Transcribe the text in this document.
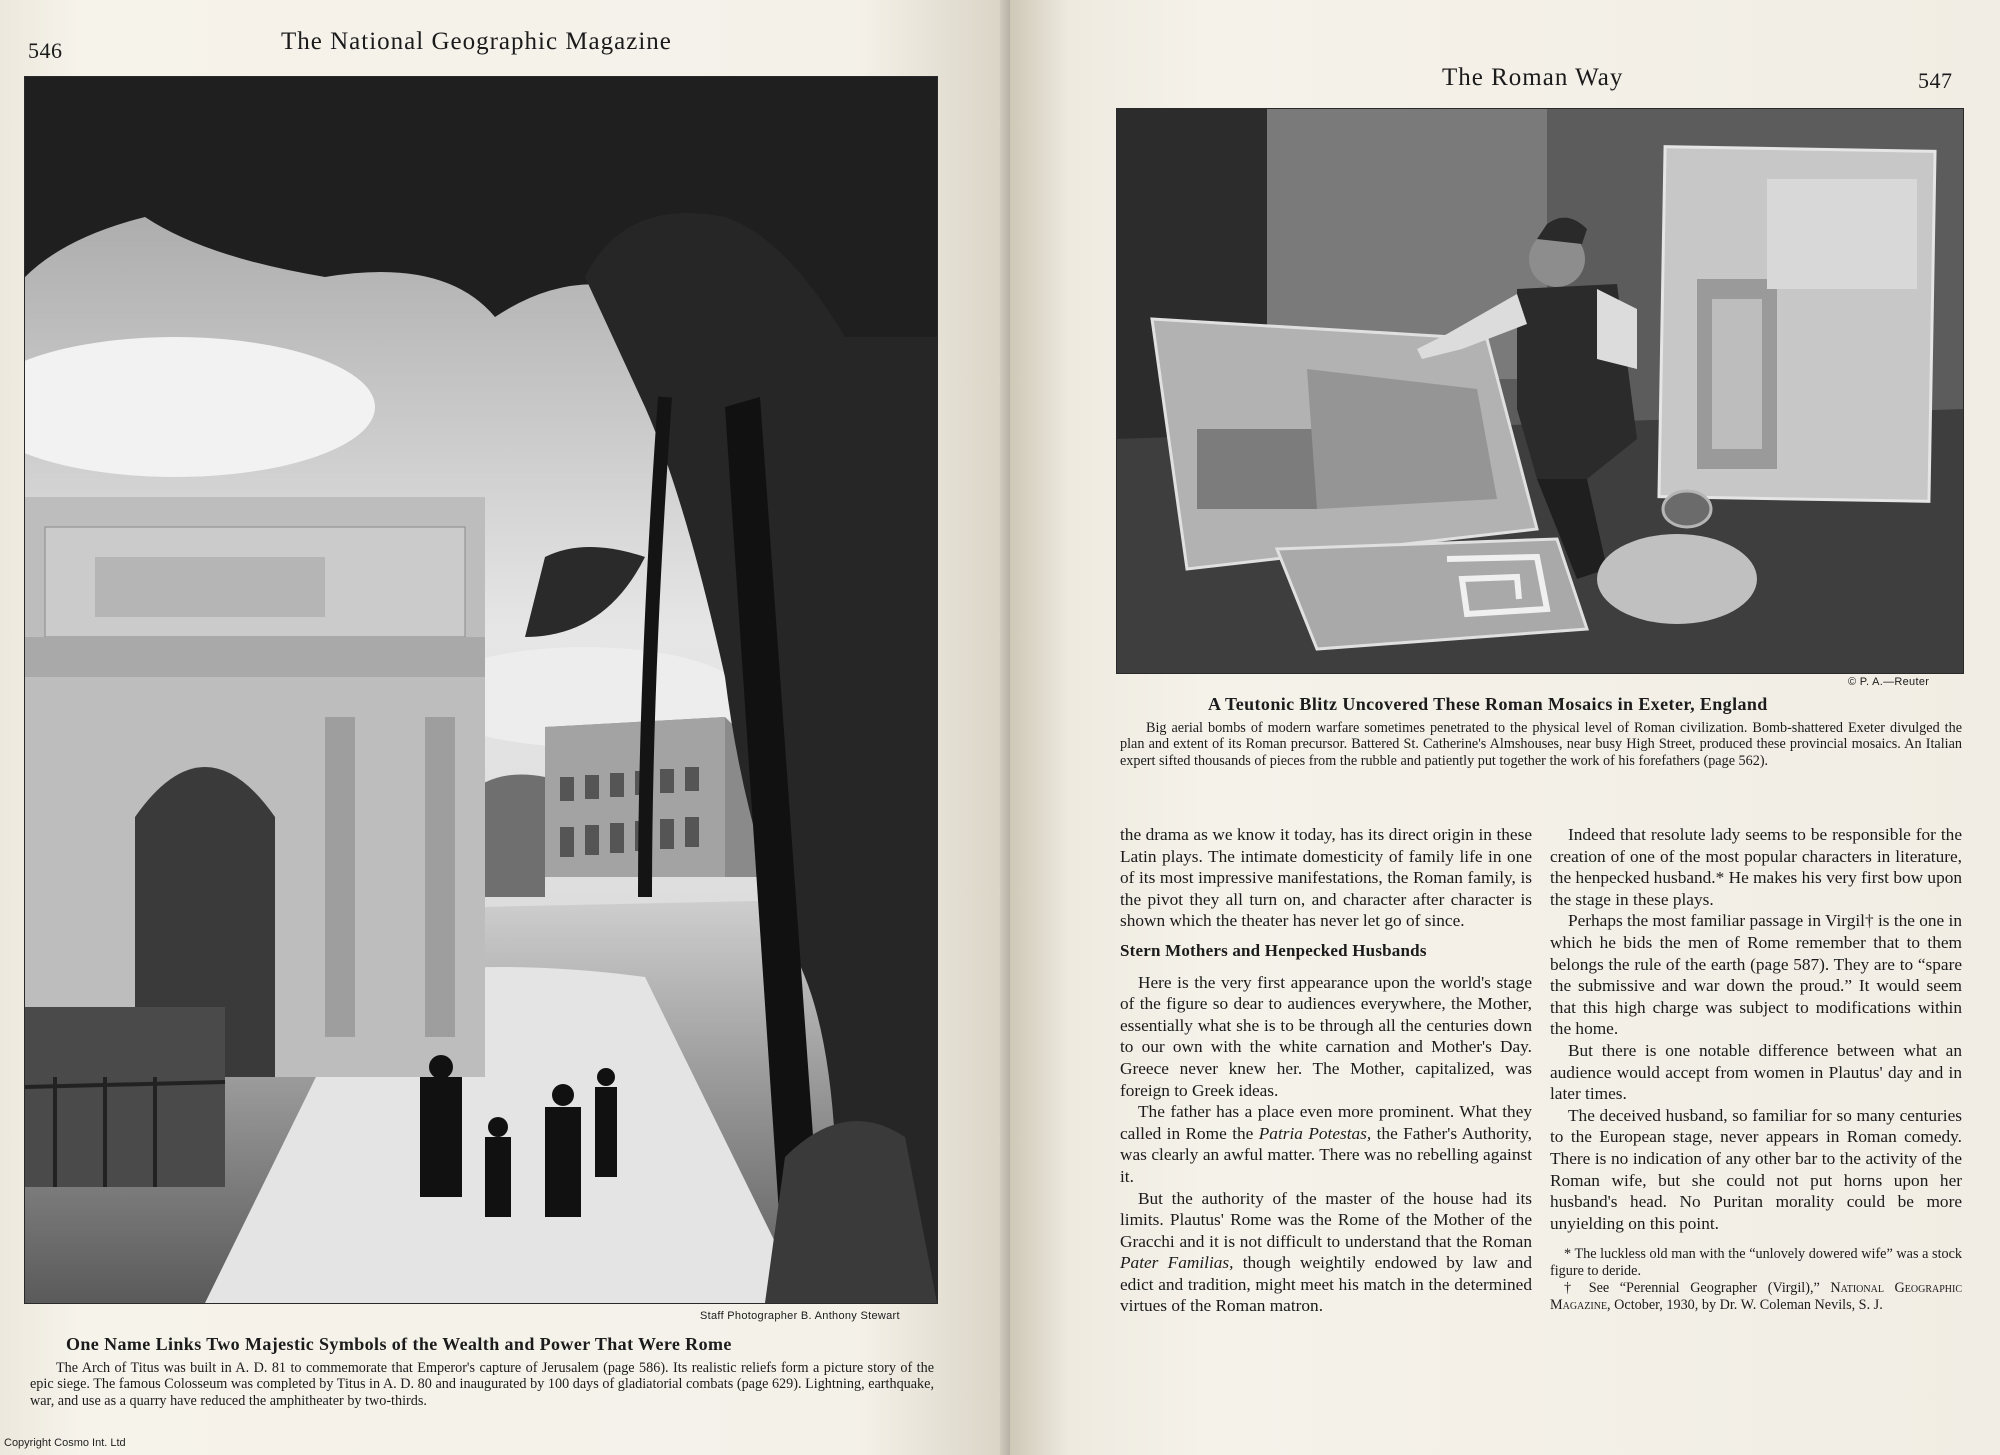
546	The National Geographic Magazine
Staff Photographer B. Anthony Stewart
One Name Links Two Majestic Symbols of the Wealth and Power That Were Rome
The Arch of Titus was built in A. D. 81 to commemorate that Emperor's capture of Jerusalem (page 586). Its realistic reliefs form a picture story of the epic siege. The famous Colosseum was completed by Titus in A. D. 80 and inaugurated by 100 days of gladiatorial combats (page 629). Lightning, earthquake, war, and use as a quarry have reduced the amphitheater by two-thirds.
The Roman Way	547
© P. A.—Reuter
A Teutonic Blitz Uncovered These Roman Mosaics in Exeter, England
Big aerial bombs of modern warfare sometimes penetrated to the physical level of Roman civilization. Bomb-shattered Exeter divulged the plan and extent of its Roman precursor. Battered St. Catherine's Almshouses, near busy High Street, produced these provincial mosaics. An Italian expert sifted thousands of pieces from the rubble and patiently put together the work of his forefathers (page 562).

the drama as we know it today, has its direct origin in these Latin plays. The intimate domesticity of family life in one of its most impressive manifestations, the Roman family, is the pivot they all turn on, and character after character is shown which the theater has never let go of since.

Stern Mothers and Henpecked Husbands

Here is the very first appearance upon the world's stage of the figure so dear to audiences everywhere, the Mother, essentially what she is to be through all the centuries down to our own with the white carnation and Mother's Day. Greece never knew her. The Mother, capitalized, was foreign to Greek ideas.

The father has a place even more prominent. What they called in Rome the Patria Potestas, the Father's Authority, was clearly an awful matter. There was no rebelling against it.

But the authority of the master of the house had its limits. Plautus' Rome was the Rome of the Mother of the Gracchi and it is not difficult to understand that the Roman Pater Familias, though weightily endowed by law and edict and tradition, might meet his match in the determined virtues of the Roman matron.

Indeed that resolute lady seems to be responsible for the creation of one of the most popular characters in literature, the henpecked husband.* He makes his very first bow upon the stage in these plays.

Perhaps the most familiar passage in Virgil† is the one in which he bids the men of Rome remember that to them belongs the rule of the earth (page 587). They are to “spare the submissive and war down the proud.” It would seem that this high charge was subject to modifications within the home.

But there is one notable difference between what an audience would accept from women in Plautus' day and in later times.

The deceived husband, so familiar for so many centuries to the European stage, never appears in Roman comedy. There is no indication of any other bar to the activity of the Roman wife, but she could not put horns upon her husband's head. No Puritan morality could be more unyielding on this point.

* The luckless old man with the “unlovely dowered wife” was a stock figure to deride.

† See “Perennial Geographer (Virgil),” National Geographic Magazine, October, 1930, by Dr. W. Coleman Nevils, S. J.

Copyright Cosmo Int. Ltd
